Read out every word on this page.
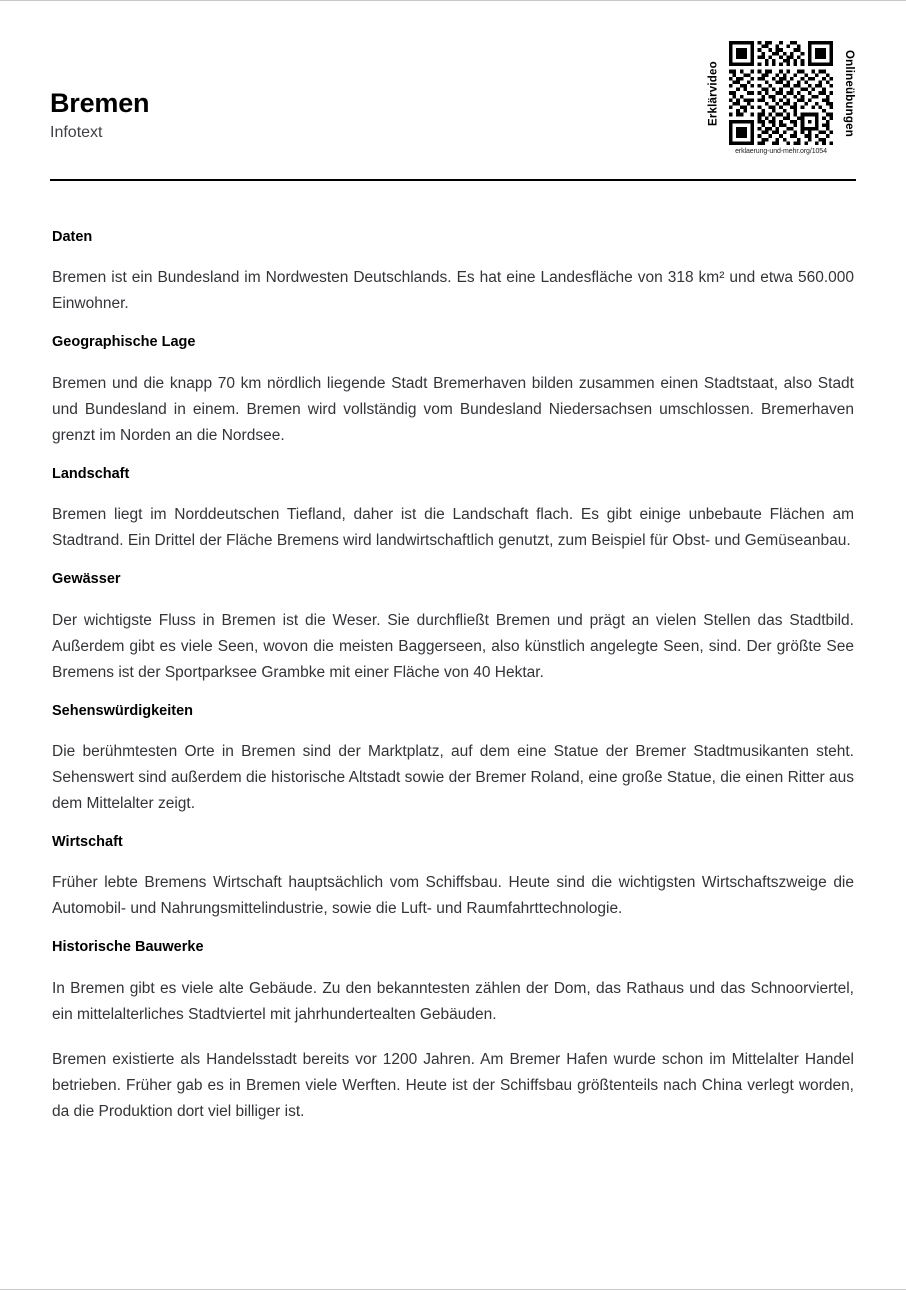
Bremen
Infotext
Erklärvideo
erklaerung-und-mehr.org/1054
Onlineübungen
Daten

Bremen ist ein Bundesland im Nordwesten Deutschlands. Es hat eine Landesfläche von 318 km² und etwa 560.000 Einwohner.

Geographische Lage

Bremen und die knapp 70 km nördlich liegende Stadt Bremerhaven bilden zusammen einen Stadtstaat, also Stadt und Bundesland in einem. Bremen wird vollständig vom Bundesland Niedersachsen umschlossen. Bremerhaven grenzt im Norden an die Nordsee.

Landschaft

Bremen liegt im Norddeutschen Tiefland, daher ist die Landschaft flach. Es gibt einige unbebaute Flächen am Stadtrand. Ein Drittel der Fläche Bremens wird landwirtschaftlich genutzt, zum Beispiel für Obst- und Gemüseanbau.

Gewässer

Der wichtigste Fluss in Bremen ist die Weser. Sie durchfließt Bremen und prägt an vielen Stellen das Stadtbild. Außerdem gibt es viele Seen, wovon die meisten Baggerseen, also künstlich angelegte Seen, sind. Der größte See Bremens ist der Sportparksee Grambke mit einer Fläche von 40 Hektar.

Sehenswürdigkeiten

Die berühmtesten Orte in Bremen sind der Marktplatz, auf dem eine Statue der Bremer Stadtmusikanten steht. Sehenswert sind außerdem die historische Altstadt sowie der Bremer Roland, eine große Statue, die einen Ritter aus dem Mittelalter zeigt.

Wirtschaft

Früher lebte Bremens Wirtschaft hauptsächlich vom Schiffsbau. Heute sind die wichtigsten Wirtschaftszweige die Automobil- und Nahrungsmittelindustrie, sowie die Luft- und Raumfahrttechnologie.

Historische Bauwerke

In Bremen gibt es viele alte Gebäude. Zu den bekanntesten zählen der Dom, das Rathaus und das Schnoorviertel, ein mittelalterliches Stadtviertel mit jahrhundertealten Gebäuden.

Bremen existierte als Handelsstadt bereits vor 1200 Jahren. Am Bremer Hafen wurde schon im Mittelalter Handel betrieben. Früher gab es in Bremen viele Werften. Heute ist der Schiffsbau größtenteils nach China verlegt worden, da die Produktion dort viel billiger ist.
